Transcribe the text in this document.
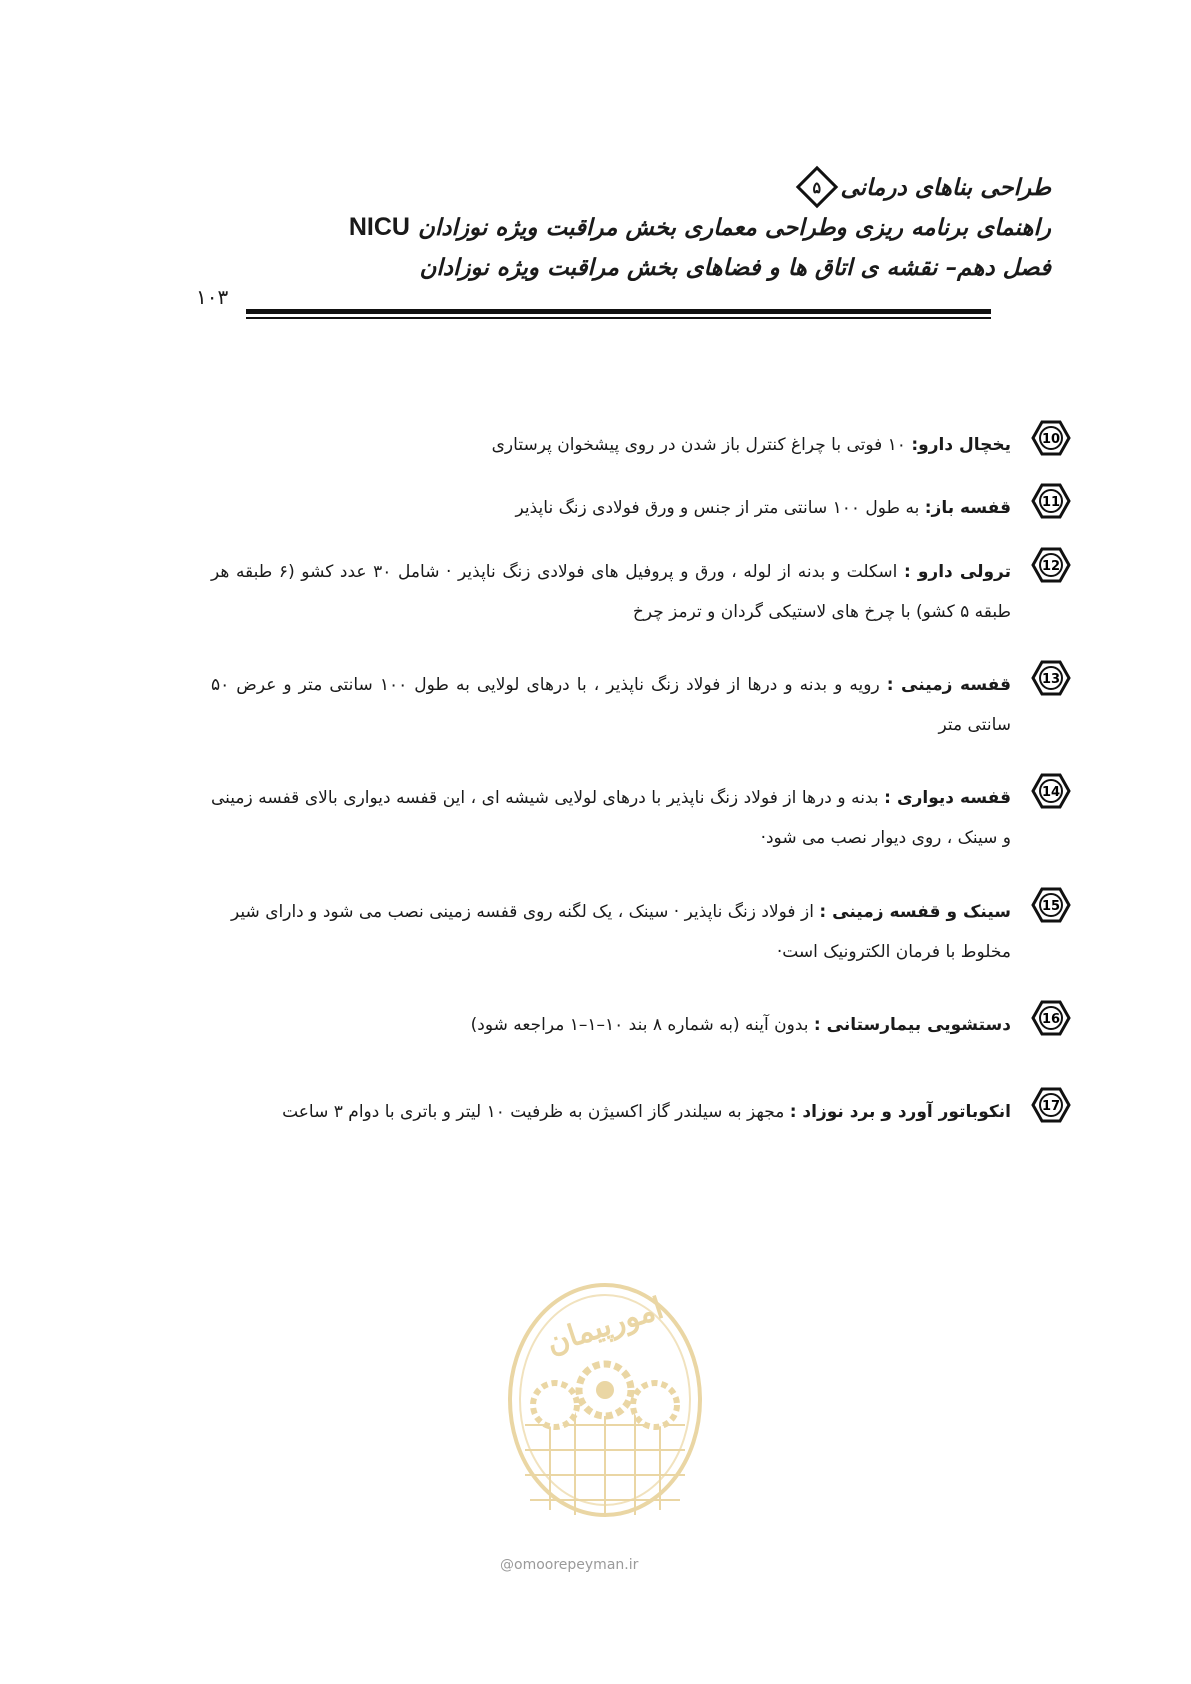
طراحی بناهای درمانی
۵
راهنمای برنامه ریزی وطراحی معماری بخش مراقبت ویژه نوزادان NICU
فصل دهم– نقشه ی اتاق ها و فضاهای بخش مراقبت ویژه نوزادان
۱۰۳
10
یخچال دارو: ۱۰ فوتی با چراغ کنترل باز شدن در روی پیشخوان پرستاری
11
قفسه باز: به طول ۱۰۰ سانتی متر از جنس و ورق فولادی زنگ ناپذیر
12
ترولی دارو : اسکلت و بدنه از لوله ، ورق و پروفیل های فولادی زنگ ناپذیر · شامل ۳۰ عدد کشو (۶ طبقه هر طبقه ۵ کشو) با چرخ های لاستیکی گردان و ترمز چرخ
13
قفسه زمینی : رویه و بدنه و درها از فولاد زنگ ناپذیر ، با درهای لولایی به طول ۱۰۰ سانتی متر و عرض ۵۰ سانتی متر
14
قفسه دیواری : بدنه و درها از فولاد زنگ ناپذیر با درهای لولایی شیشه ای ، این قفسه دیواری بالای قفسه زمینی و سینک ، روی دیوار نصب می شود·
15
سینک و قفسه زمینی : از فولاد زنگ ناپذیر · سینک ، یک لگنه روی قفسه زمینی نصب می شود و دارای شیر مخلوط با فرمان الکترونیک است·
16
دستشویی بیمارستانی : بدون آینه (به شماره ۸ بند ۱۰–۱–۱ مراجعه شود)
17
انکوباتور آورد و برد نوزاد : مجهز به سیلندر گاز اکسیژن به ظرفیت ۱۰ لیتر و باتری با دوام ۳ ساعت
امورپیمان
@omoorepeyman.ir
